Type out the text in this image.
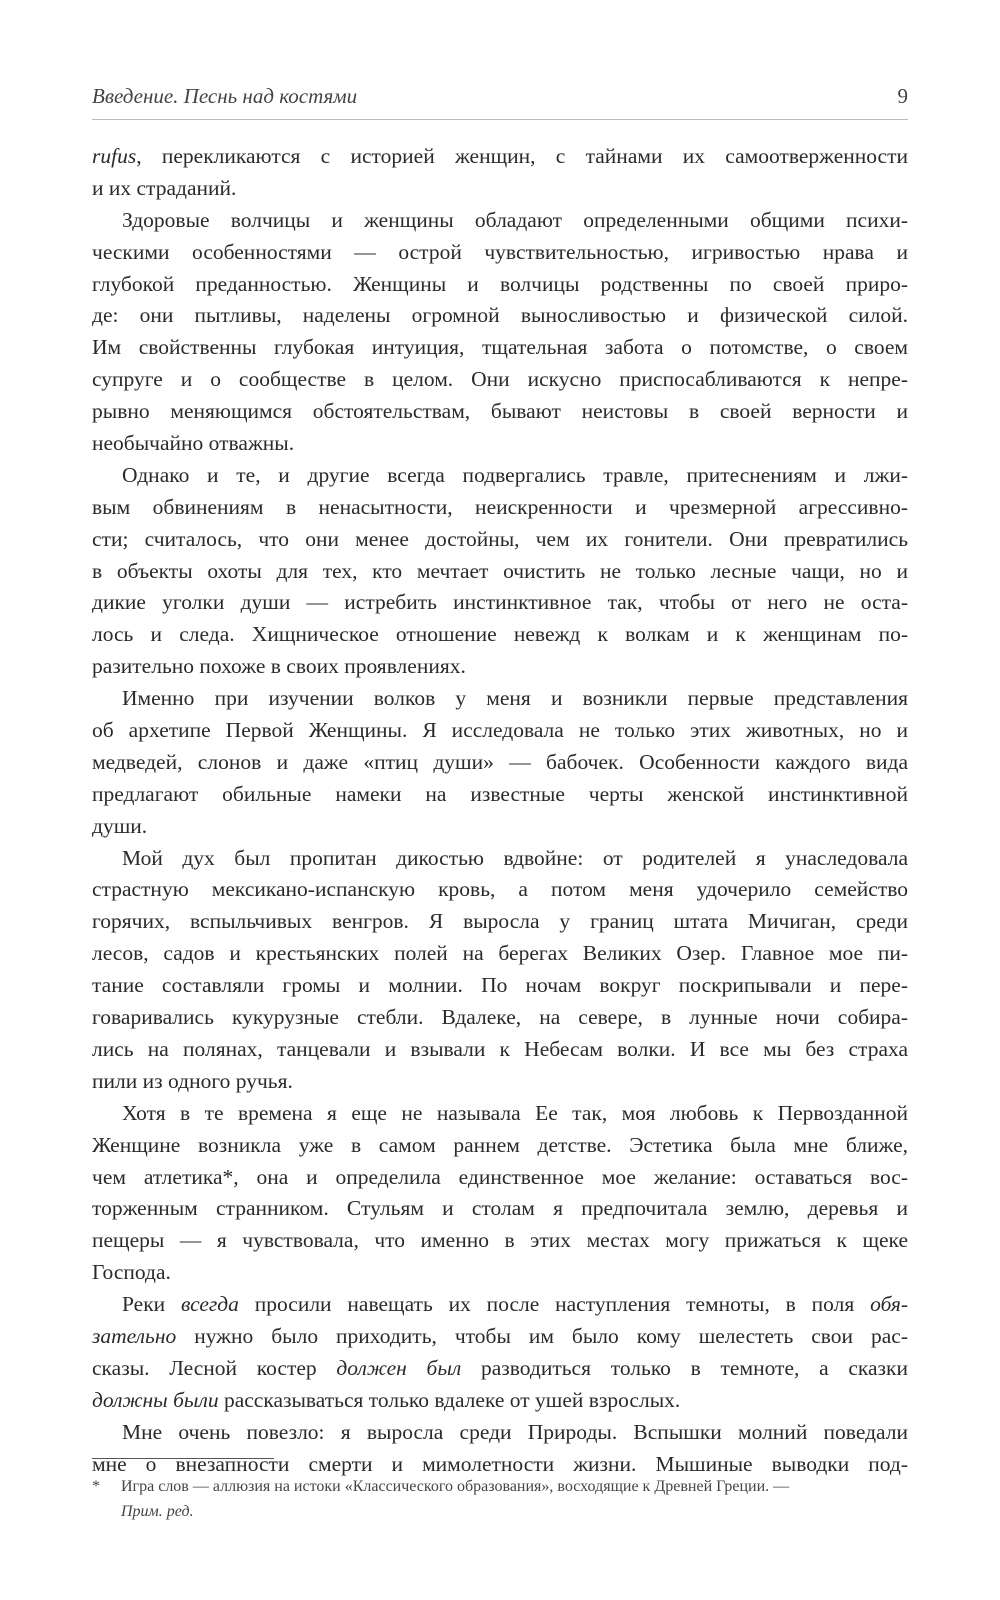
Введение. Песнь над костями	9
rufus, перекликаются с историей женщин, с тайнами их самоотверженности
и их страданий.
Здоровые волчицы и женщины обладают определенными общими психи-
ческими особенностями — острой чувствительностью, игривостью нрава и
глубокой преданностью. Женщины и волчицы родственны по своей приро-
де: они пытливы, наделены огромной выносливостью и физической силой.
Им свойственны глубокая интуиция, тщательная забота о потомстве, о своем
супруге и о сообществе в целом. Они искусно приспосабливаются к непре-
рывно меняющимся обстоятельствам, бывают неистовы в своей верности и
необычайно отважны.
Однако и те, и другие всегда подвергались травле, притеснениям и лжи-
вым обвинениям в ненасытности, неискренности и чрезмерной агрессивно-
сти; считалось, что они менее достойны, чем их гонители. Они превратились
в объекты охоты для тех, кто мечтает очистить не только лесные чащи, но и
дикие уголки души — истребить инстинктивное так, чтобы от него не оста-
лось и следа. Хищническое отношение невежд к волкам и к женщинам по-
разительно похоже в своих проявлениях.
Именно при изучении волков у меня и возникли первые представления
об архетипе Первой Женщины. Я исследовала не только этих животных, но и
медведей, слонов и даже «птиц души» — бабочек. Особенности каждого вида
предлагают обильные намеки на известные черты женской инстинктивной
души.
Мой дух был пропитан дикостью вдвойне: от родителей я унаследовала
страстную мексикано-испанскую кровь, а потом меня удочерило семейство
горячих, вспыльчивых венгров. Я выросла у границ штата Мичиган, среди
лесов, садов и крестьянских полей на берегах Великих Озер. Главное мое пи-
тание составляли громы и молнии. По ночам вокруг поскрипывали и пере-
говаривались кукурузные стебли. Вдалеке, на севере, в лунные ночи собира-
лись на полянах, танцевали и взывали к Небесам волки. И все мы без страха
пили из одного ручья.
Хотя в те времена я еще не называла Ее так, моя любовь к Первозданной
Женщине возникла уже в самом раннем детстве. Эстетика была мне ближе,
чем атлетика*, она и определила единственное мое желание: оставаться вос-
торженным странником. Стульям и столам я предпочитала землю, деревья и
пещеры — я чувствовала, что именно в этих местах могу прижаться к щеке
Господа.
Реки всегда просили навещать их после наступления темноты, в поля обя-
зательно нужно было приходить, чтобы им было кому шелестеть свои рас-
сказы. Лесной костер должен был разводиться только в темноте, а сказки
должны были рассказываться только вдалеке от ушей взрослых.
Мне очень повезло: я выросла среди Природы. Вспышки молний поведали
мне о внезапности смерти и мимолетности жизни. Мышиные выводки под-
* Игра слов — аллюзия на истоки «Классического образования», восходящие к Древней Греции. —
Прим. ред.
